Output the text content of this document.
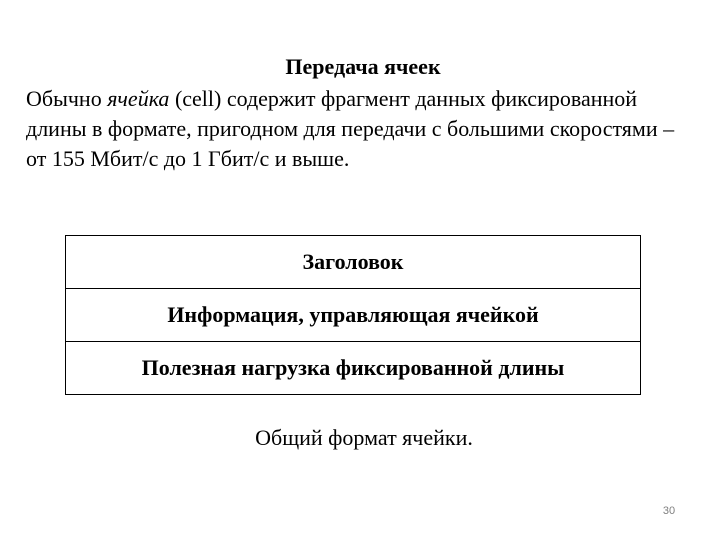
Передача ячеек
Обычно ячейка (cell) содержит фрагмент данных фиксированной длины в формате, пригодном для передачи с большими скоростями – от 155 Мбит/с до 1 Гбит/с и выше.
Заголовок
Информация, управляющая ячейкой
Полезная нагрузка фиксированной длины
Общий формат ячейки.
30
